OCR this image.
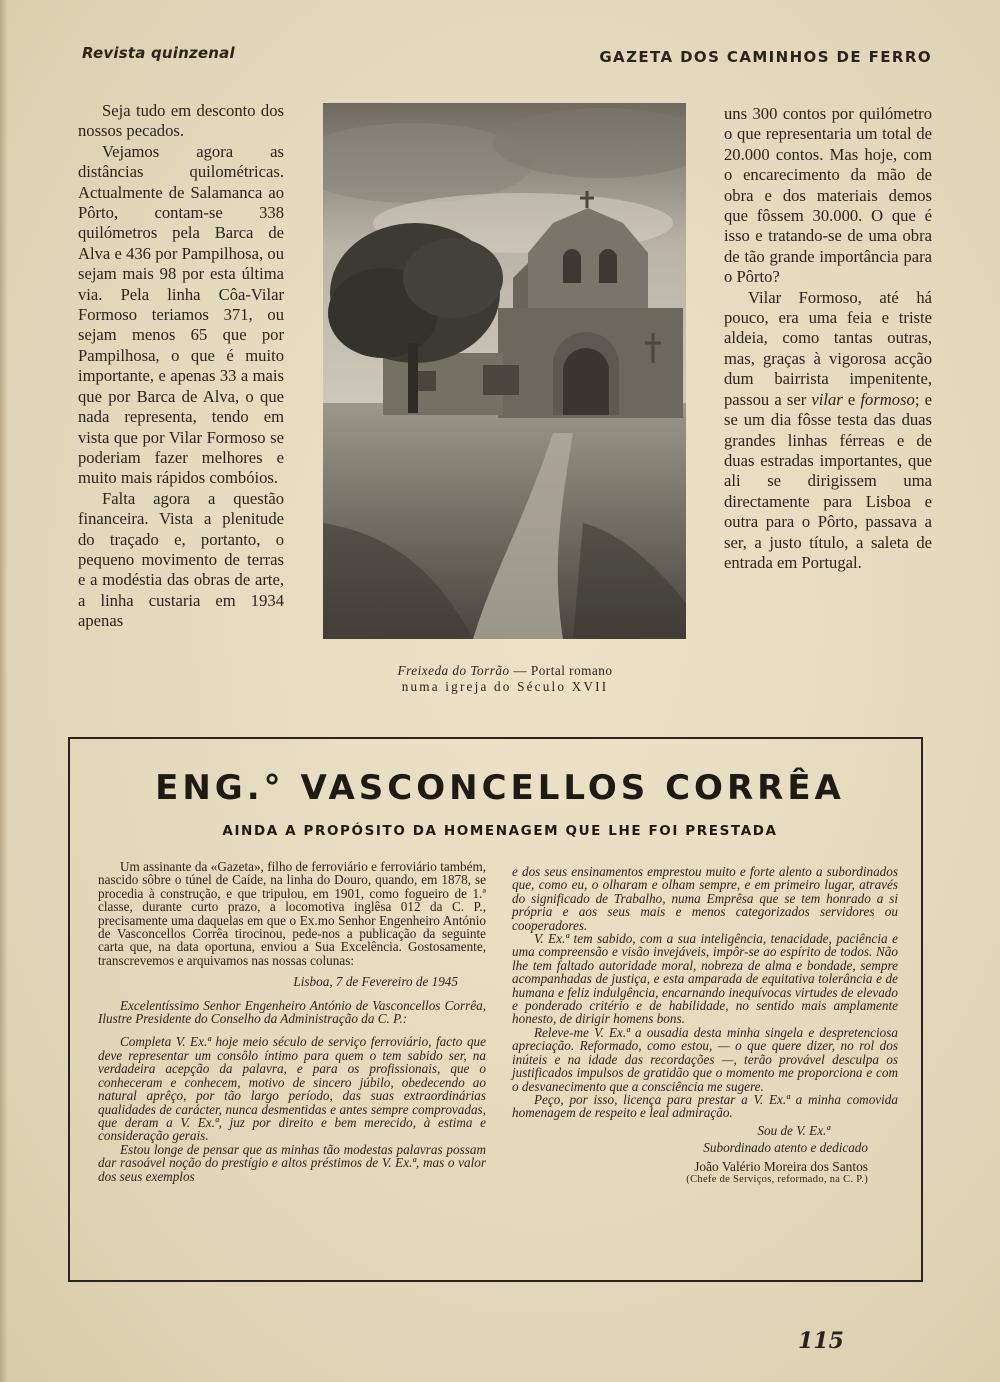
Revista quinzenal	GAZETA DOS CAMINHOS DE FERRO

Seja tudo em desconto dos nossos pecados.

Vejamos agora as distâncias quilométricas. Actualmente de Salamanca ao Pôrto, contam-se 338 quilómetros pela Barca de Alva e 436 por Pampilhosa, ou sejam mais 98 por esta última via. Pela linha Côa-Vilar Formoso teriamos 371, ou sejam menos 65 que por Pampilhosa, o que é muito importante, e apenas 33 a mais que por Barca de Alva, o que nada representa, tendo em vista que por Vilar Formoso se poderiam fazer melhores e muito mais rápidos combóios.

Falta agora a questão financeira. Vista a plenitude do traçado e, portanto, o pequeno movimento de terras e a modéstia das obras de arte, a linha custaria em 1934 apenas

Freixeda do Torrão — Portal romano
numa igreja do Século XVII

uns 300 contos por quilómetro o que representaria um total de 20.000 contos. Mas hoje, com o encarecimento da mão de obra e dos materiais demos que fôssem 30.000. O que é isso e tratando-se de uma obra de tão grande importância para o Pôrto?

Vilar Formoso, até há pouco, era uma feia e triste aldeia, como tantas outras, mas, graças à vigorosa acção dum bairrista impenitente, passou a ser vilar e formoso; e se um dia fôsse testa das duas grandes linhas férreas e de duas estradas importantes, que ali se dirigissem uma directamente para Lisboa e outra para o Pôrto, passava a ser, a justo título, a saleta de entrada em Portugal.

ENG.° VASCONCELLOS CORRÊA
AINDA A PROPÓSITO DA HOMENAGEM QUE LHE FOI PRESTADA

Um assinante da «Gazeta», filho de ferroviário e ferroviário também, nascido sôbre o túnel de Caíde, na linha do Douro, quando, em 1878, se procedia à construção, e que tripulou, em 1901, como fogueiro de 1.ª classe, durante curto prazo, a locomotiva inglêsa 012 da C. P., precisamente uma daquelas em que o Ex.mo Senhor Engenheiro António de Vasconcellos Corrêa tirocinou, pede-nos a publicação da seguinte carta que, na data oportuna, enviou a Sua Excelência. Gostosamente, transcrevemos e arquivamos nas nossas colunas:

Lisboa, 7 de Fevereiro de 1945

Excelentíssimo Senhor Engenheiro António de Vasconcellos Corrêa, Ilustre Presidente do Conselho da Administração da C. P.:

Completa V. Ex.ª hoje meio século de serviço ferroviário, facto que deve representar um consôlo íntimo para quem o tem sabido ser, na verdadeira acepção da palavra, e para os profissionais, que o conheceram e conhecem, motivo de sincero júbilo, obedecendo ao natural aprêço, por tão largo período, das suas extraordinárias qualidades de carácter, nunca desmentidas e antes sempre comprovadas, que deram a V. Ex.ª, juz por direito e bem merecido, à estima e consideração gerais.

Estou longe de pensar que as minhas tão modestas palavras possam dar rasoável noção do prestígio e altos préstimos de V. Ex.ª, mas o valor dos seus exemplos

e dos seus ensinamentos emprestou muito e forte alento a subordinados que, como eu, o olharam e olham sempre, e em primeiro lugar, através do significado de Trabalho, numa Emprêsa que se tem honrado a si própria e aos seus mais e menos categorizados servidores ou cooperadores.

V. Ex.ª tem sabido, com a sua inteligência, tenacidade, paciência e uma compreensão e visão invejáveis, impôr-se ao espírito de todos. Não lhe tem faltado autoridade moral, nobreza de alma e bondade, sempre acompanhadas de justiça, e esta amparada de equitativa tolerância e de humana e feliz indulgência, encarnando inequívocas virtudes de elevado e ponderado critério e de habilidade, no sentido mais amplamente honesto, de dirigir homens bons.

Releve-me V. Ex.ª a ousadia desta minha singela e despretenciosa apreciação. Reformado, como estou, — o que quere dizer, no rol dos inúteis e na idade das recordações —, terão provável desculpa os justificados impulsos de gratidão que o momento me proporciona e com o desvanecimento que a consciência me sugere.

Peço, por isso, licença para prestar a V. Ex.ª a minha comovida homenagem de respeito e leal admiração.

Sou de V. Ex.ª

Subordinado atento e dedicado

João Valério Moreira dos Santos

(Chefe de Serviços, reformado, na C. P.)

115
